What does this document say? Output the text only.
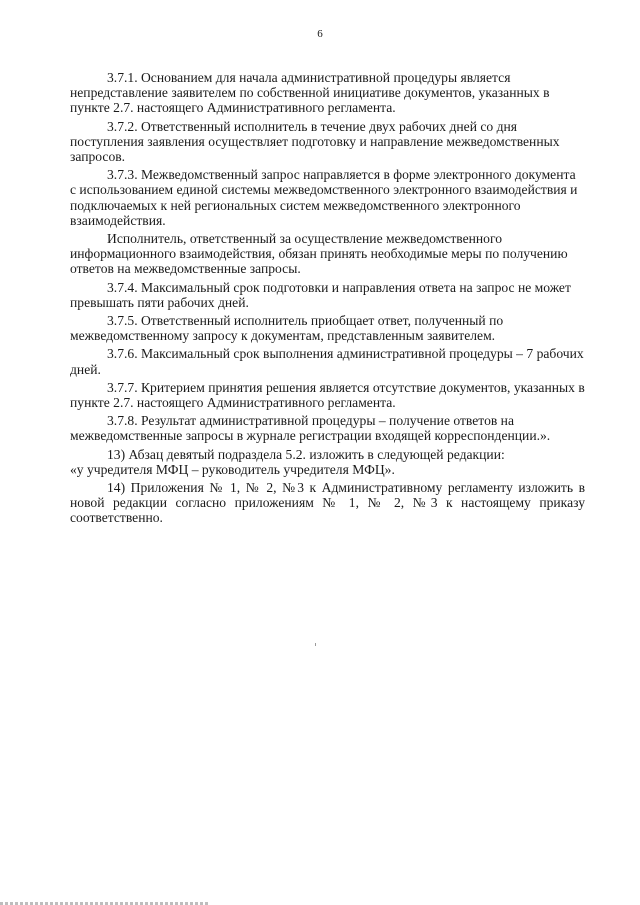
6

3.7.1. Основанием для начала административной процедуры является непредставление заявителем по собственной инициативе документов, указанных в пункте 2.7. настоящего Административного регламента.

3.7.2. Ответственный исполнитель в течение двух рабочих дней со дня поступления заявления осуществляет подготовку и направление межведомственных запросов.

3.7.3. Межведомственный запрос направляется в форме электронного документа с использованием единой системы межведомственного электронного взаимодействия и подключаемых к ней региональных систем межведомственного электронного взаимодействия.

Исполнитель, ответственный за осуществление межведомственного информационного взаимодействия, обязан принять необходимые меры по получению ответов на межведомственные запросы.

3.7.4. Максимальный срок подготовки и направления ответа на запрос не может превышать пяти рабочих дней.

3.7.5. Ответственный исполнитель приобщает ответ, полученный по межведомственному запросу к документам, представленным заявителем.

3.7.6. Максимальный срок выполнения административной процедуры – 7 рабочих дней.

3.7.7. Критерием принятия решения является отсутствие документов, указанных в пункте 2.7. настоящего Административного регламента.

3.7.8. Результат административной процедуры – получение ответов на межведомственные запросы в журнале регистрации входящей корреспонденции.».

13) Абзац девятый подраздела 5.2. изложить в следующей редакции:

«у учредителя МФЦ – руководитель учредителя МФЦ».

14) Приложения № 1, № 2, №3 к Административному регламенту изложить в новой редакции согласно приложениям № 1, № 2, №3 к настоящему приказу соответственно.
